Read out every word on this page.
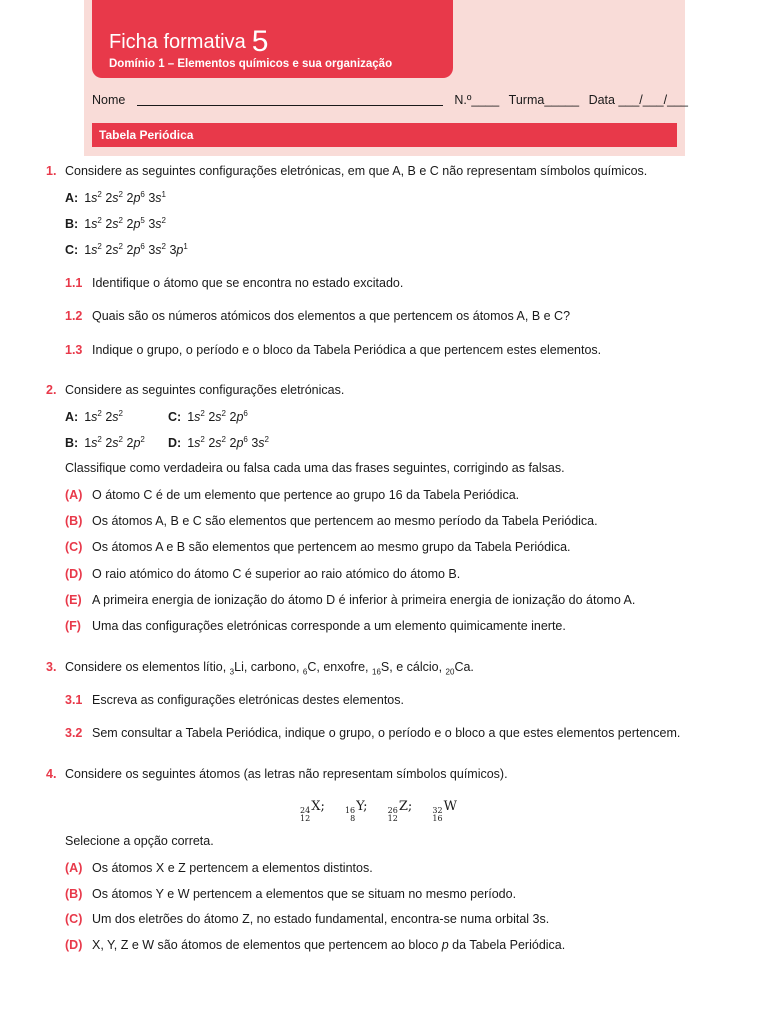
Ficha formativa 5
Domínio 1 – Elementos químicos e sua organização
Nome	N.º____ Turma_____ Data ___/___/___
Tabela Periódica
1. Considere as seguintes configurações eletrónicas, em que A, B e C não representam símbolos químicos.
A: $1s^2$ $2s^2$ $2p^6$ $3s^1$
B: $1s^2$ $2s^2$ $2p^5$ $3s^2$
C: $1s^2$ $2s^2$ $2p^6$ $3s^2$ $3p^1$
1.1 Identifique o átomo que se encontra no estado excitado.
1.2 Quais são os números atómicos dos elementos a que pertencem os átomos A, B e C?
1.3 Indique o grupo, o período e o bloco da Tabela Periódica a que pertencem estes elementos.
2. Considere as seguintes configurações eletrónicas.
A: $1s^2$ $2s^2$	C: $1s^2$ $2s^2$ $2p^6$
B: $1s^2$ $2s^2$ $2p^2$ D: $1s^2$ $2s^2$ $2p^6$ $3s^2$
Classifique como verdadeira ou falsa cada uma das frases seguintes, corrigindo as falsas.
(A) O átomo C é de um elemento que pertence ao grupo 16 da Tabela Periódica.
(B) Os átomos A, B e C são elementos que pertencem ao mesmo período da Tabela Periódica.
(C) Os átomos A e B são elementos que pertencem ao mesmo grupo da Tabela Periódica.
(D) O raio atómico do átomo C é superior ao raio atómico do átomo B.
(E) A primeira energia de ionização do átomo D é inferior à primeira energia de ionização do átomo A.
(F) Uma das configurações eletrónicas corresponde a um elemento quimicamente inerte.
3. Considere os elementos lítio, $_3$Li, carbono, $_6$C, enxofre, $_{16}$S, e cálcio, $_{20}$Ca.
3.1 Escreva as configurações eletrónicas destes elementos.
3.2 Sem consultar a Tabela Periódica, indique o grupo, o período e o bloco a que estes elementos pertencem.
4. Considere os seguintes átomos (as letras não representam símbolos químicos).
24
12
X;	16
8
Y;	26
12
Z;	32
16
W
Selecione a opção correta.
(A) Os átomos X e Z pertencem a elementos distintos.
(B) Os átomos Y e W pertencem a elementos que se situam no mesmo período.
(C) Um dos eletrões do átomo Z, no estado fundamental, encontra-se numa orbital 3s.
(D) X, Y, Z e W são átomos de elementos que pertencem ao bloco p da Tabela Periódica.
